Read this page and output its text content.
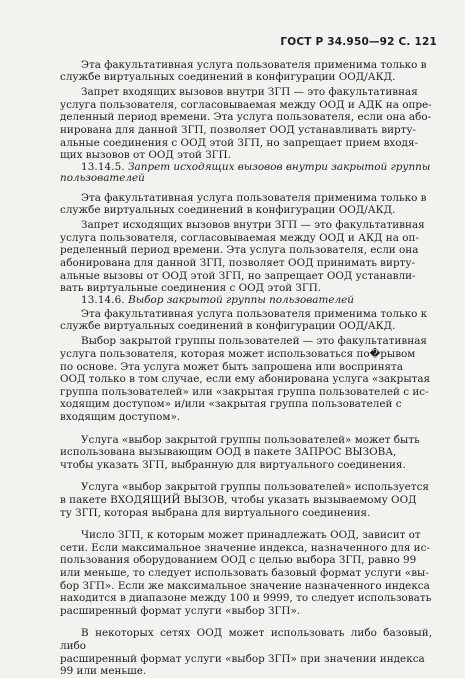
ГОСТ Р 34.950—92 С. 121

Эта факультативная услуга пользователя применима только в
службе виртуальных соединений в конфигурации ООД/АКД.

Запрет входящих вызовов внутри ЗГП — это факультативная
услуга пользователя, согласовываемая между ООД и АДК на опре-
деленный период времени. Эта услуга пользователя, если она або-
нирована для данной ЗГП, позволяет ООД устанавливать вирту-
альные соединения с ООД этой ЗГП, но запрещает прием входя-
щих вызовов от ООД этой ЗГП.

13.14.5. Запрет исходящих вызовов внутри закрытой группы
пользователей

Эта факультативная услуга пользователя применима только в
службе виртуальных соединений в конфигурации ООД/АКД.

Запрет исходящих вызовов внутри ЗГП — это факультативная
услуга пользователя, согласовываемая между ООД и АКД на оп-
ределенный период времени. Эта услуга пользователя, если она
абонирована для данной ЗГП, позволяет ООД принимать вирту-
альные вызовы от ООД этой ЗГП, но запрещает ООД устанавли-
вать виртуальные соединения с ООД этой ЗГП.

13.14.6. Выбор закрытой группы пользователей

Эта факультативная услуга пользователя применима только к
службе виртуальных соединений в конфигурации ООД/АКД.

Выбор закрытой группы пользователей — это факультативная
услуга пользователя, которая может использоваться по�рывом
по основе. Эта услуга может быть запрошена или воспринята
ООД только в том случае, если ему абонирована услуга «закрытая
группа пользователей» или «закрытая группа пользователей с ис-
ходящим доступом» и/или «закрытая группа пользователей с
входящим доступом».

Услуга «выбор закрытой группы пользователей» может быть
использована вызывающим ООД в пакете ЗАПРОС ВЫЗОВА,
чтобы указать ЗГП, выбранную для виртуального соединения.

Услуга «выбор закрытой группы пользователей» используется
в пакете ВХОДЯЩИЙ ВЫЗОВ, чтобы указать вызываемому ООД
ту ЗГП, которая выбрана для виртуального соединения.

Число ЗГП, к которым может принадлежать ООД, зависит от
сети. Если максимальное значение индекса, назначенного для ис-
пользования оборудованием ООД с целью выбора ЗГП, равно 99
или меньше, то следует использовать базовый формат услуги «вы-
бор ЗГП». Если же максимальное значение назначенного индекса
находится в диапазоне между 100 и 9999, то следует использовать
расширенный формат услуги «выбор ЗГП».

В некоторых сетях ООД может использовать либо базовый, либо
расширенный формат услуги «выбор ЗГП» при значении индекса
99 или меньше.
